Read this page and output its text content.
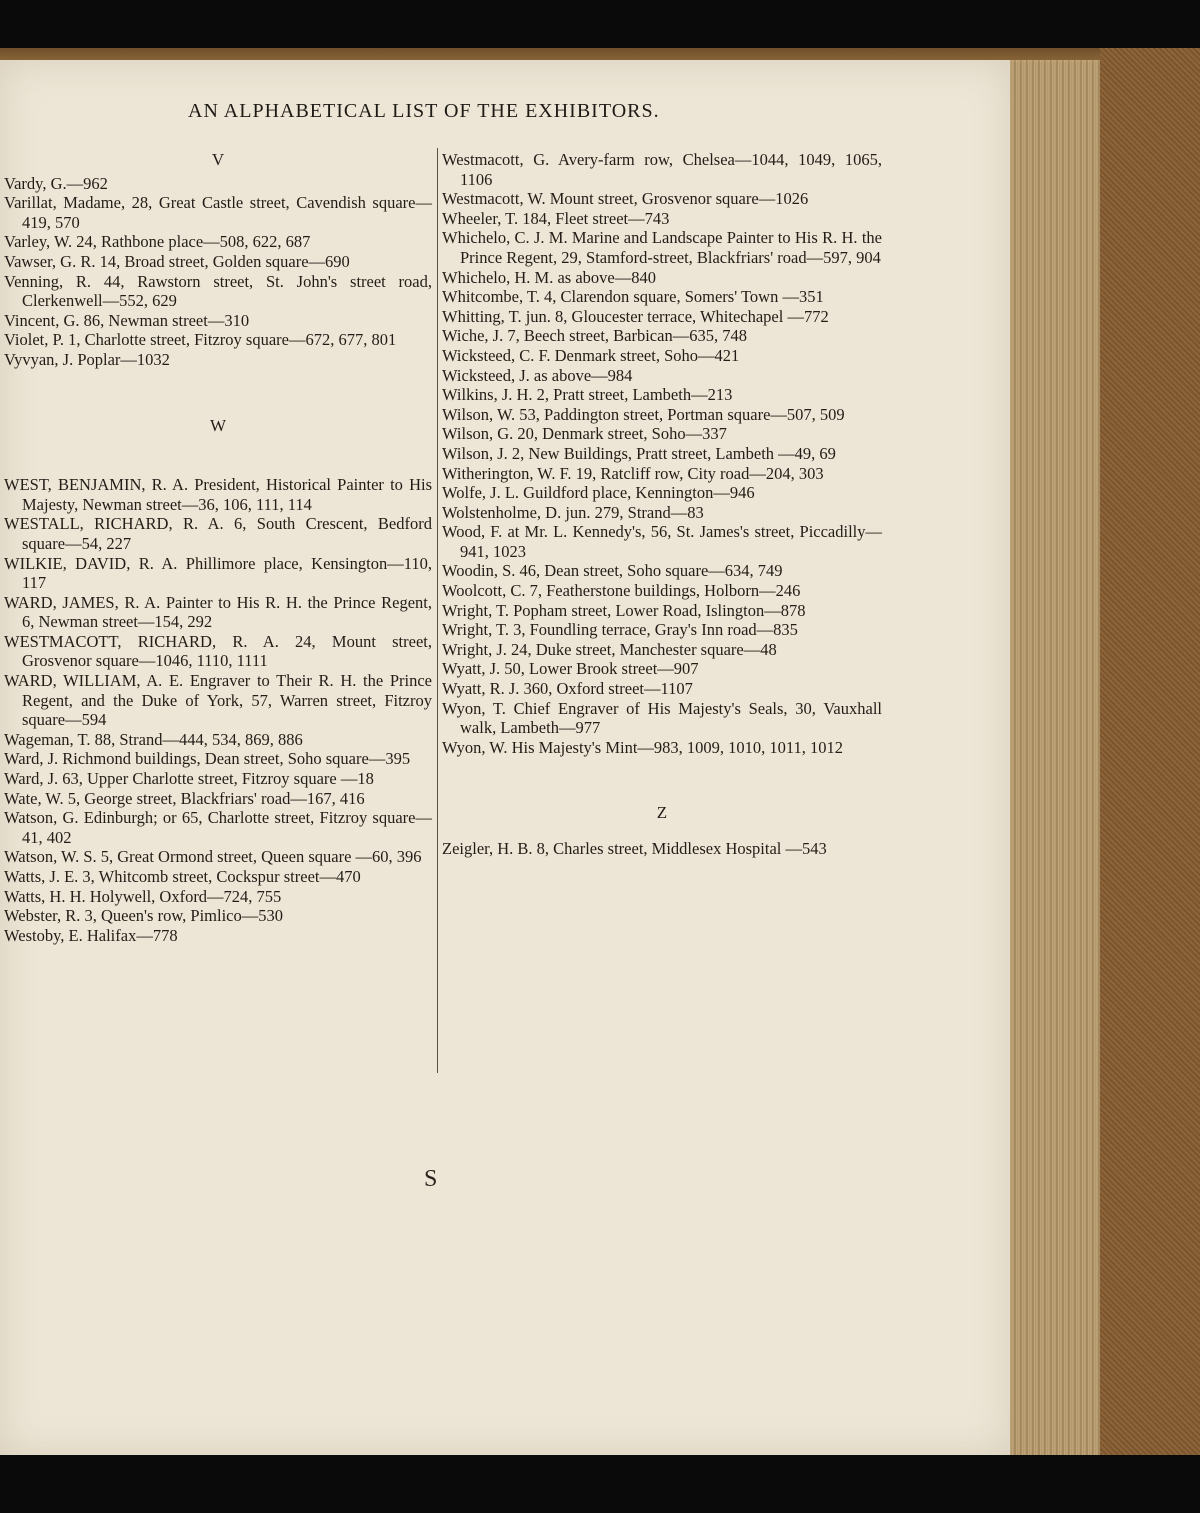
AN ALPHABETICAL LIST OF THE EXHIBITORS.
V
Vardy, G.—962
Varillat, Madame, 28, Great Castle street, Cavendish square—419, 570
Varley, W. 24, Rathbone place—508, 622, 687
Vawser, G. R. 14, Broad street, Golden square—690
Venning, R. 44, Rawstorn street, St. John's street road, Clerkenwell—552, 629
Vincent, G. 86, Newman street—310
Violet, P. 1, Charlotte street, Fitzroy square—672, 677, 801
Vyvyan, J. Poplar—1032
W
WEST, BENJAMIN, R. A. President, Historical Painter to His Majesty, Newman street—36, 106, 111, 114
WESTALL, RICHARD, R. A. 6, South Crescent, Bedford square—54, 227
WILKIE, DAVID, R. A. Phillimore place, Kensington—110, 117
WARD, JAMES, R. A. Painter to His R. H. the Prince Regent, 6, Newman street—154, 292
WESTMACOTT, RICHARD, R. A. 24, Mount street, Grosvenor square—1046, 1110, 1111
WARD, WILLIAM, A. E. Engraver to Their R. H. the Prince Regent, and the Duke of York, 57, Warren street, Fitzroy square—594
Wageman, T. 88, Strand—444, 534, 869, 886
Ward, J. Richmond buildings, Dean street, Soho square—395
Ward, J. 63, Upper Charlotte street, Fitzroy square —18
Wate, W. 5, George street, Blackfriars' road—167, 416
Watson, G. Edinburgh; or 65, Charlotte street, Fitzroy square—41, 402
Watson, W. S. 5, Great Ormond street, Queen square —60, 396
Watts, J. E. 3, Whitcomb street, Cockspur street—470
Watts, H. H. Holywell, Oxford—724, 755
Webster, R. 3, Queen's row, Pimlico—530
Westoby, E. Halifax—778
Westmacott, G. Avery-farm row, Chelsea—1044, 1049, 1065, 1106
Westmacott, W. Mount street, Grosvenor square—1026
Wheeler, T. 184, Fleet street—743
Whichelo, C. J. M. Marine and Landscape Painter to His R. H. the Prince Regent, 29, Stamford-street, Blackfriars' road—597, 904
Whichelo, H. M. as above—840
Whitcombe, T. 4, Clarendon square, Somers' Town —351
Whitting, T. jun. 8, Gloucester terrace, Whitechapel —772
Wiche, J. 7, Beech street, Barbican—635, 748
Wicksteed, C. F. Denmark street, Soho—421
Wicksteed, J. as above—984
Wilkins, J. H. 2, Pratt street, Lambeth—213
Wilson, W. 53, Paddington street, Portman square—507, 509
Wilson, G. 20, Denmark street, Soho—337
Wilson, J. 2, New Buildings, Pratt street, Lambeth —49, 69
Witherington, W. F. 19, Ratcliff row, City road—204, 303
Wolfe, J. L. Guildford place, Kennington—946
Wolstenholme, D. jun. 279, Strand—83
Wood, F. at Mr. L. Kennedy's, 56, St. James's street, Piccadilly—941, 1023
Woodin, S. 46, Dean street, Soho square—634, 749
Woolcott, C. 7, Featherstone buildings, Holborn—246
Wright, T. Popham street, Lower Road, Islington—878
Wright, T. 3, Foundling terrace, Gray's Inn road—835
Wright, J. 24, Duke street, Manchester square—48
Wyatt, J. 50, Lower Brook street—907
Wyatt, R. J. 360, Oxford street—1107
Wyon, T. Chief Engraver of His Majesty's Seals, 30, Vauxhall walk, Lambeth—977
Wyon, W. His Majesty's Mint—983, 1009, 1010, 1011, 1012
Z
Zeigler, H. B. 8, Charles street, Middlesex Hospital —543
S
